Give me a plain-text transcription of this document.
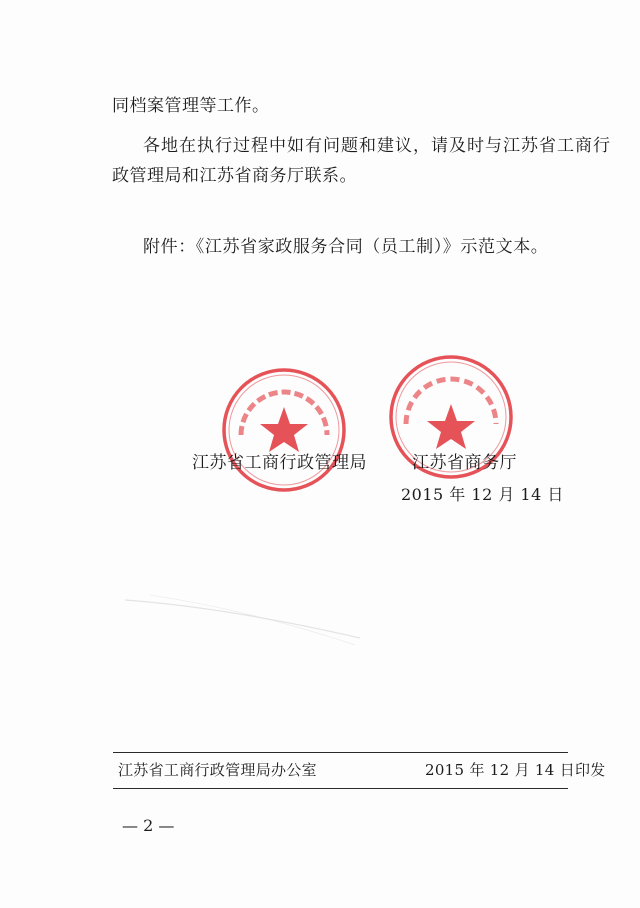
同档案管理等工作。
各地在执行过程中如有问题和建议，请及时与江苏省工商行
政管理局和江苏省商务厅联系。
附件：《江苏省家政服务合同（员工制）》示范文本。
江苏省工商行政管理局	江苏省商务厅
2015 年 12 月 14 日
江苏省工商行政管理局办公室	2015 年 12 月 14 日印发
— 2 —
